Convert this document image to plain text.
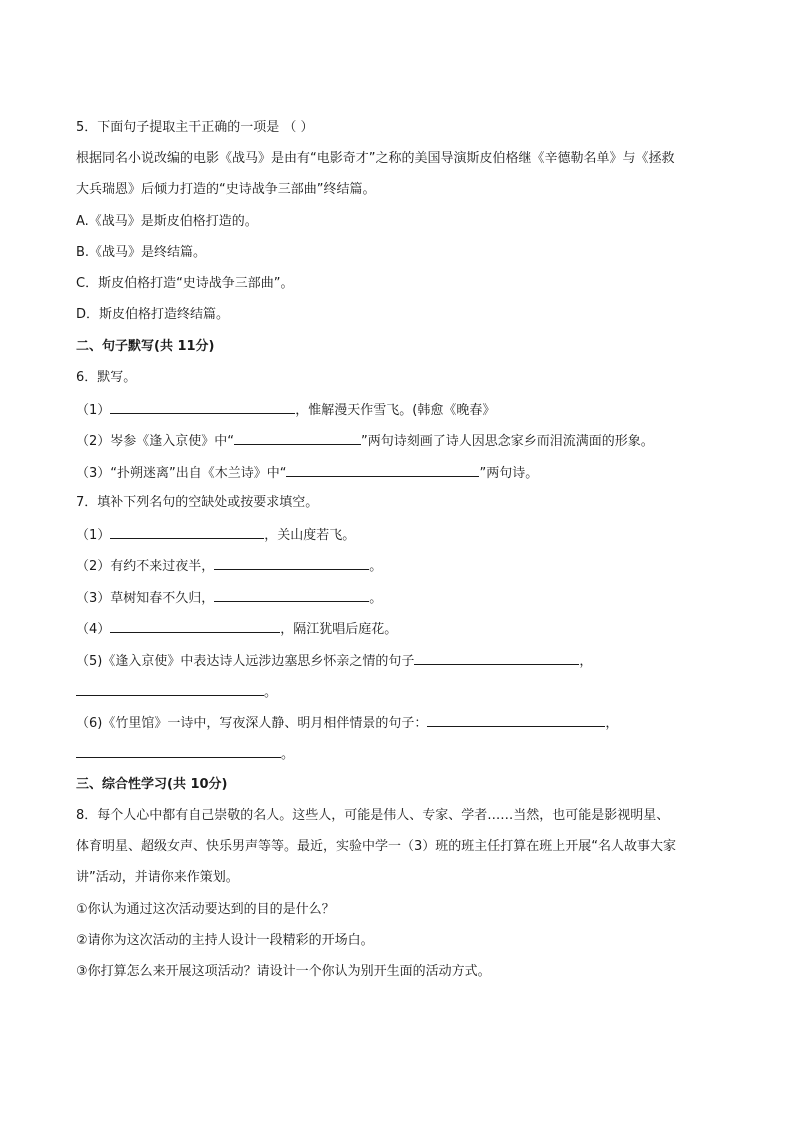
5．下面句子提取主干正确的一项是 （ ）
根据同名小说改编的电影《战马》是由有“电影奇才”之称的美国导演斯皮伯格继《辛德勒名单》与《拯救
大兵瑞恩》后倾力打造的“史诗战争三部曲”终结篇。
A.《战马》是斯皮伯格打造的。
B.《战马》是终结篇。
C．斯皮伯格打造“史诗战争三部曲”。
D．斯皮伯格打造终结篇。
二、句子默写(共 11分)
6．默写。
（1）	，惟解漫天作雪飞。(韩愈《晚春》
（2）岑参《逢入京使》中“	”两句诗刻画了诗人因思念家乡而泪流满面的形象。
（3）“扑朔迷离”出自《木兰诗》中“	”两句诗。
7．填补下列名句的空缺处或按要求填空。
（1）	，关山度若飞。
（2）有约不来过夜半，	。
（3）草树知春不久归，	。
（4）	，隔江犹唱后庭花。
（5)《逢入京使》中表达诗人远涉边塞思乡怀亲之情的句子	，
。
（6)《竹里馆》一诗中，写夜深人静、明月相伴情景的句子：	，
。
三、综合性学习(共 10分)
8．每个人心中都有自己崇敬的名人。这些人，可能是伟人、专家、学者……当然，也可能是影视明星、
体育明星、超级女声、快乐男声等等。最近，实验中学一（3）班的班主任打算在班上开展“名人故事大家
讲”活动，并请你来作策划。
①你认为通过这次活动要达到的目的是什么？
②请你为这次活动的主持人设计一段精彩的开场白。
③你打算怎么来开展这项活动？请设计一个你认为别开生面的活动方式。
